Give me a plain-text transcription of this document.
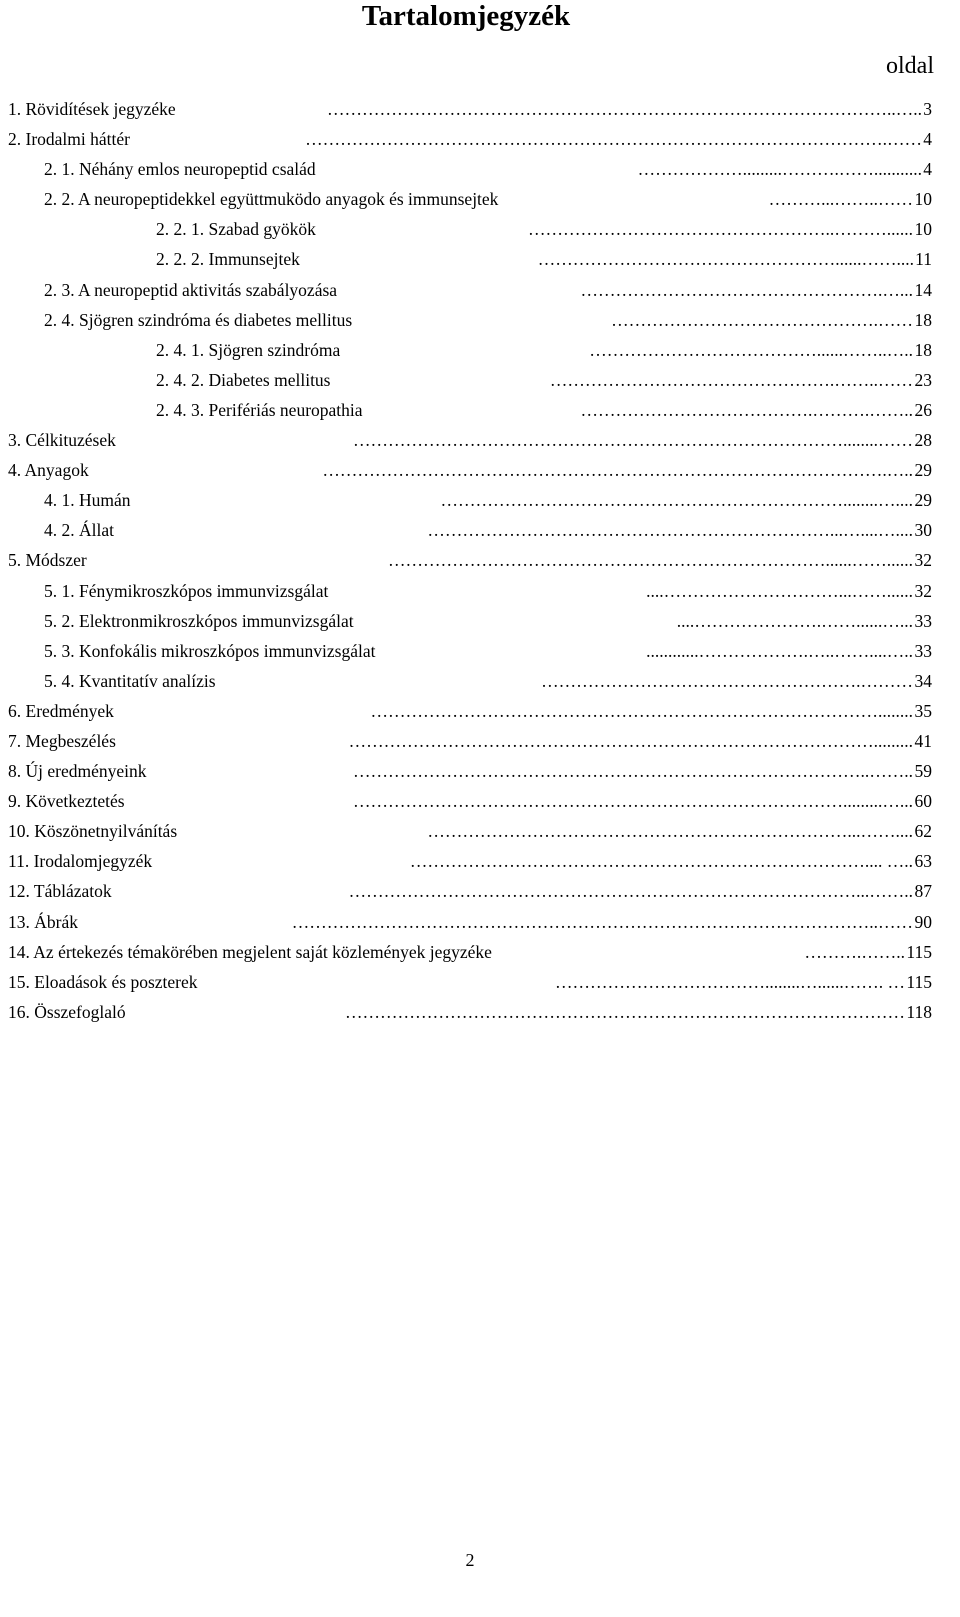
Tartalomjegyzék
oldal
……………………………………………………………………………………..…..
1. Rövidítések jegyzéke	3
……………………………………………………………………………………….……
2. Irodalmi háttér	4
……………….........……….……...........
2. 1. Néhány emlos neuropeptid család	4
………...……..……
2. 2. A neuropeptidekkel együttmuködo anyagok és immunsejtek	10
……………………………………………..………......
2. 2. 1. Szabad gyökök	10
……………………………………………......……....
2. 2. 2. Immunsejtek	11
…………………………………………….…...
2. 3. A neuropeptid aktivitás szabályozása	14
……………………………………….……
2. 4. Sjögren szindróma és diabetes mellitus	18
…………………………………......……..…..
2. 4. 1. Sjögren szindróma	18
………………………………………….……..……
2. 4. 2. Diabetes mellitus	23
………………………………….……….……..
2. 4. 3. Perifériás neuropathia	26
…………………………………………………………………………........……
3. Célkituzések	28
…………………………………………………………………………………….…..
4. Anyagok	29
……………………………………………………………........…....
4. 1. Humán	29
……………………………………………………………...…....…....
4. 2. Állat	30
…………………………………………………………………......……......
5. Módszer	32
....…………………………...……......
5. 1. Fénymikroszkópos immunvizsgálat	32
....………………….……......…...
5. 2. Elektronmikroszkópos immunvizsgálat	33
............……………….…..……....…..
5. 3. Konfokális mikroszkópos immunvizsgálat	33
……………………………………………….………
5. 4. Kvantitatív analízis	34
……………………………………………………………………………........
6. Eredmények	35
……………………………………………………………………………….........
7. Megbeszélés	41
……………………………………………………………………………..……..
8. Új eredményeink	59
………………………………………………………………………….........…...
9. Következtetés	60
………………………………………………………………...……....
10. Köszönetnyilvánítás	62
…………………………………………………………………….... …..
11. Irodalomjegyzék	63
……………………………………………………………………………...……..
12. Táblázatok	87
………………………………………………………………………………………..……
13. Ábrák	90
……….……..
14. Az értekezés témakörében megjelent saját közlemények jegyzéke	115
………………………………........…......……. …
15. Eloadások és poszterek	115
……………………………………………………………………………………
16. Összefoglaló	118
2
